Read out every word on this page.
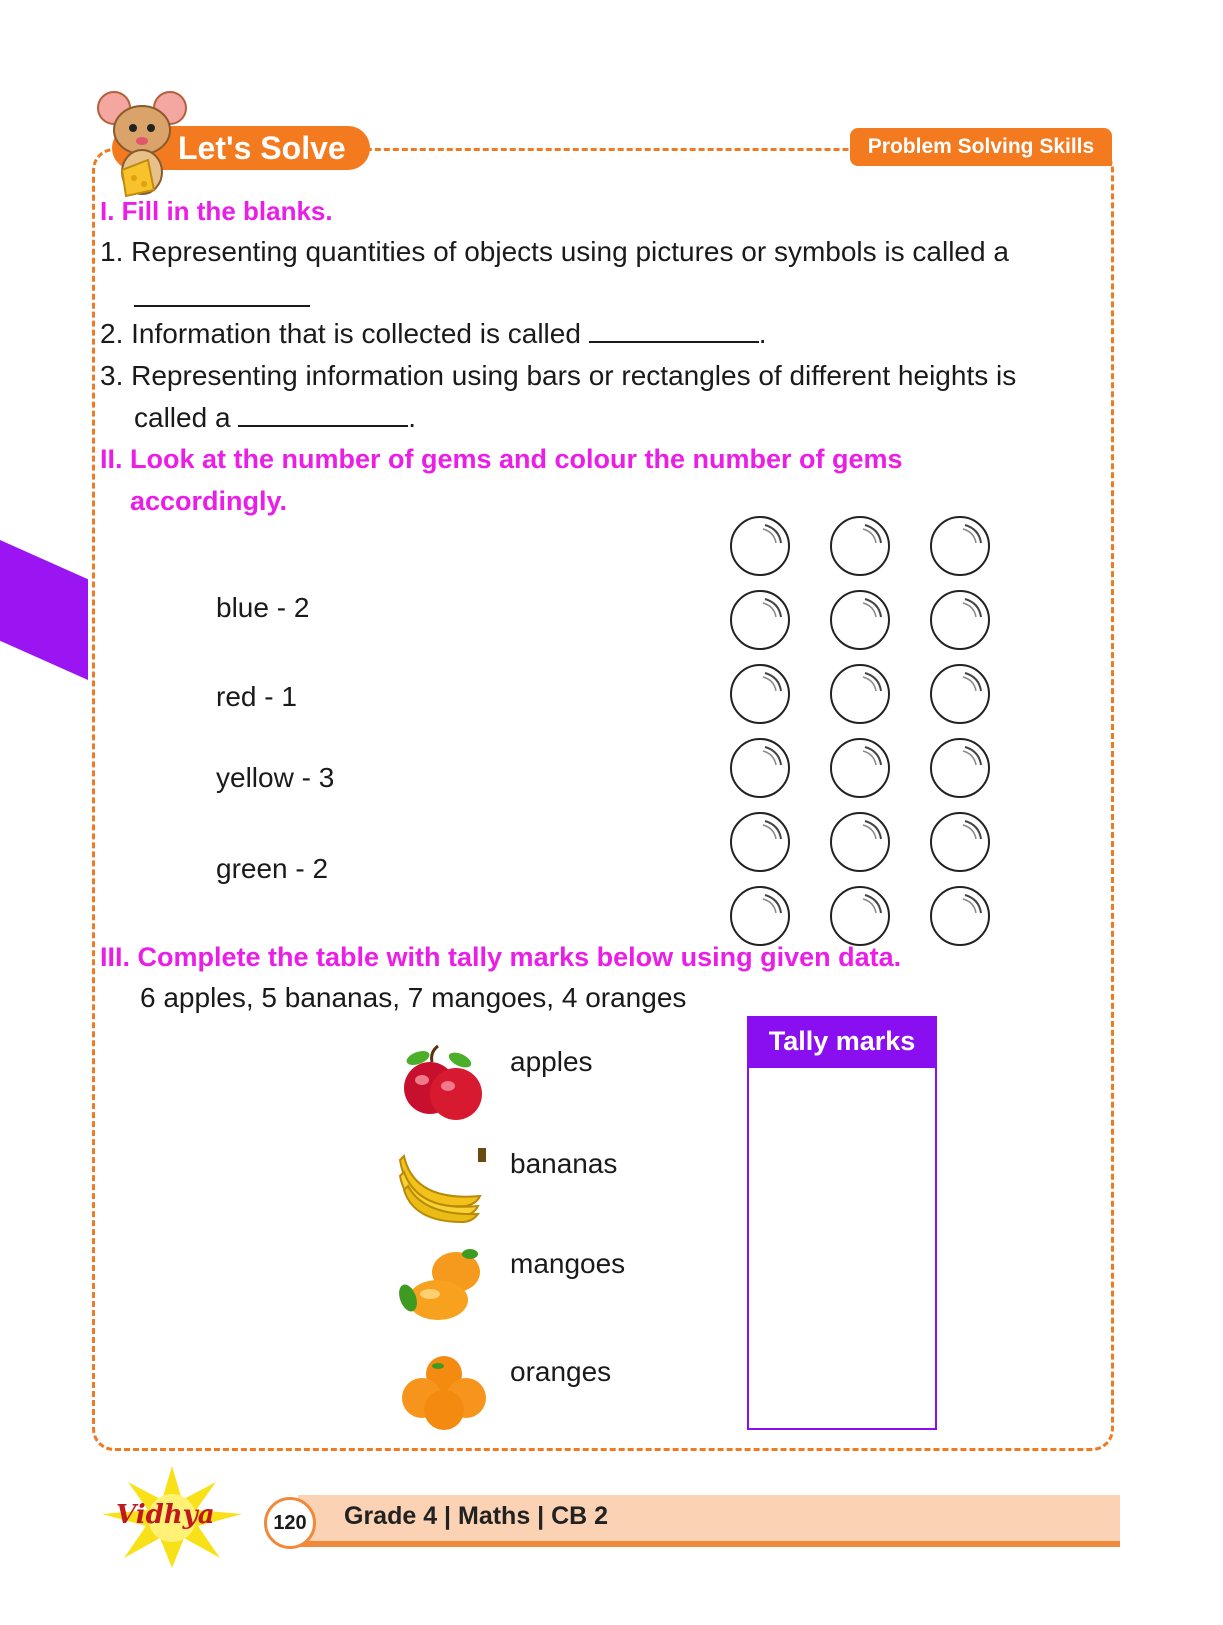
Let's Solve	Problem Solving Skills
I. Fill in the blanks.
1. Representing quantities of objects using pictures or symbols is called a
2. Information that is collected is called	.
3. Representing information using bars or rectangles of different heights is
called a	.
II. Look at the number of gems and colour the number of gems
accordingly.
blue - 2
red - 1
yellow - 3
green - 2
III. Complete the table with tally marks below using given data.
6 apples, 5 bananas, 7 mangoes, 4 oranges
Tally marks
apples
bananas
mangoes
oranges
Vidhya	120	Grade 4 | Maths | CB 2
